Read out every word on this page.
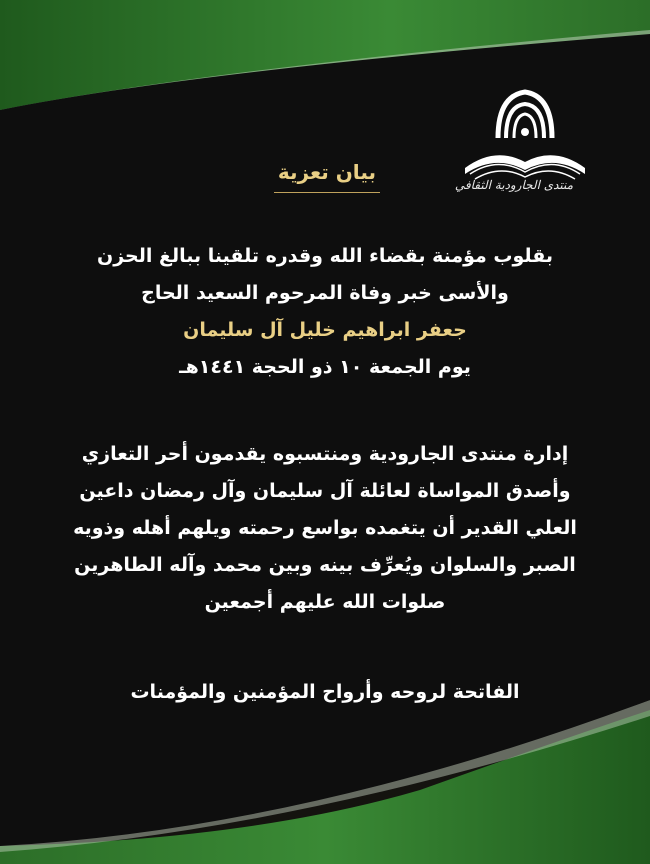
منتدى الجارودية الثقافي
بيان تعزية

بقلوب مؤمنة بقضاء الله وقدره تلقينا ببالغ الحزن
والأسى خبر وفاة المرحوم السعيد الحاج
جعفر ابراهيم خليل آل سليمان
يوم الجمعة ١٠ ذو الحجة ١٤٤١هـ

إدارة منتدى الجارودية ومنتسبوه يقدمون أحر التعازي
وأصدق المواساة لعائلة آل سليمان وآل رمضان داعين
العلي القدير أن يتغمده بواسع رحمته ويلهم أهله وذويه
الصبر والسلوان ويُعرِّف بينه وبين محمد وآله الطاهرين
صلوات الله عليهم أجمعين

الفاتحة لروحه وأرواح المؤمنين والمؤمنات
